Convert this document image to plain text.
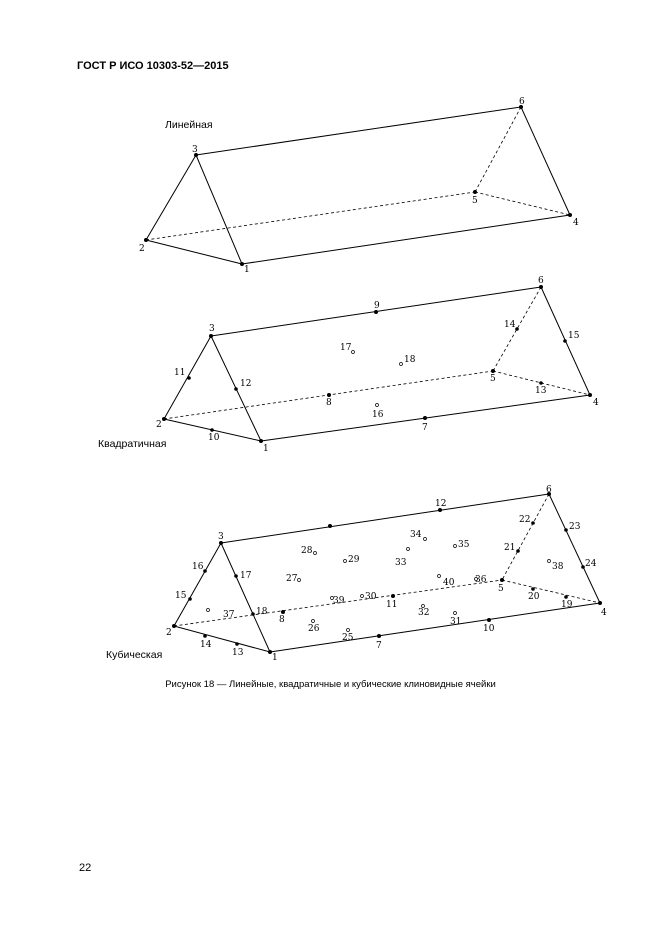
ГОСТ Р ИСО 10303-52—2015
Линейная
1
2
3
4
5
6
Квадратичная	1
2
3
4
5
6
7
8
9
10
11
12
13
14
15
16
17
18
Кубическая	1
2
3
4
5
6
7
8
10
11
12
13
14
15
16
17
18
19
20
21
22
23
24
25
26
27
28
29
30
31
32
33
34
35
36
37
38
39
40
Рисунок 18 — Линейные, квадратичные и кубические клиновидные ячейки
22
